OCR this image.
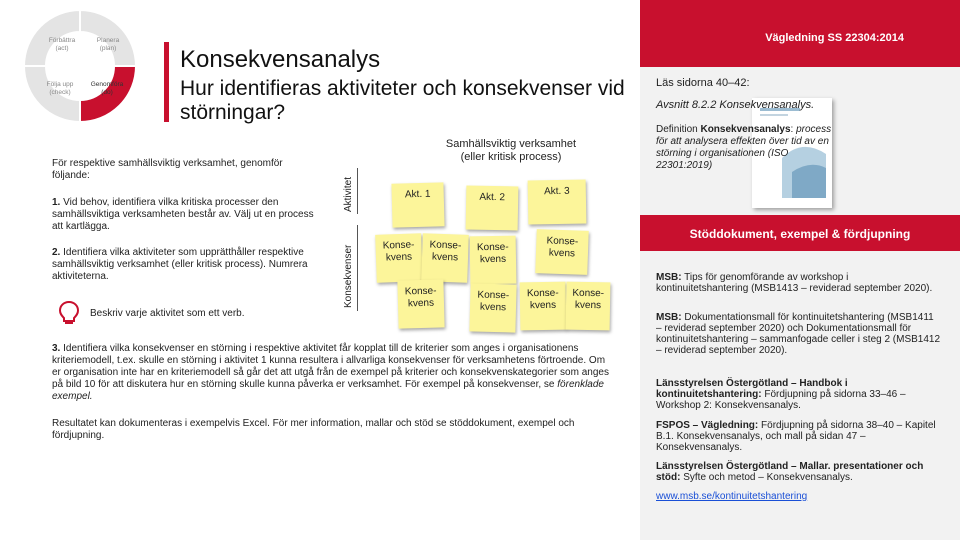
Förbättra
(act)
Planera
(plan)
Följa upp
(check)
Genomföra
(do)
Konsekvensanalys
Hur identifieras aktiviteter och konsekvenser vid störningar?
För respektive samhällsviktig verksamhet, genomför följande:
1. Vid behov, identifiera vilka kritiska processer den samhällsviktiga verksamheten består av. Välj ut en process att kartlägga.
2. Identifiera vilka aktiviteter som upprätthåller respektive samhällsviktig verksamhet (eller kritisk process). Numrera aktiviteterna.
Beskriv varje aktivitet som ett verb.
Aktivitet
Konsekvenser
Samhällsviktig verksamhet
(eller kritisk process)
Akt. 1	Akt. 2
Akt. 3
Konse-
kvens
Konse-
kvens
Konse-
kvens
Konse-
kvens
Konse-
kvens
Konse-
kvens
Konse-
kvens
Konse-
kvens
3. Identifiera vilka konsekvenser en störning i respektive aktivitet får kopplat till de kriterier som anges i organisationens kriteriemodell, t.ex. skulle en störning i aktivitet 1 kunna resultera i allvarliga konsekvenser för verksamhetens förtroende. Om er organisation inte har en kriteriemodell så går det att utgå från de exempel på kriterier och konsekvenskategorier som anges på bild 10 för att diskutera hur en störning skulle kunna påverka er verksamhet. För exempel på konsekvenser, se förenklade exempel.
Resultatet kan dokumenteras i exempelvis Excel. För mer information, mallar och stöd se stöddokument, exempel och fördjupning.
Vägledning SS 22304:2014
Läs sidorna 40–42:
Avsnitt 8.2.2 Konsekvensanalys.
Definition Konsekvensanalys: process för att analysera effekten över tid av en störning i organisationen (ISO 22301:2019)
Stöddokument, exempel & fördjupning
MSB: Tips för genomförande av workshop i kontinuitetshantering (MSB1413 – reviderad september 2020).
MSB: Dokumentationsmall för kontinuitetshantering (MSB1411 – reviderad september 2020) och Dokumentationsmall för kontinuitetshantering – sammanfogade celler i steg 2 (MSB1412 – reviderad september 2020).
Länsstyrelsen Östergötland – Handbok i kontinuitetshantering: Fördjupning på sidorna 33–46 – Workshop 2: Konsekvensanalys.
FSPOS – Vägledning: Fördjupning på sidorna 38–40 – Kapitel B.1. Konsekvensanalys, och mall på sidan 47 – Konsekvensanalys.
Länsstyrelsen Östergötland – Mallar. presentationer och stöd: Syfte och metod – Konsekvensanalys.
www.msb.se/kontinuitetshantering
